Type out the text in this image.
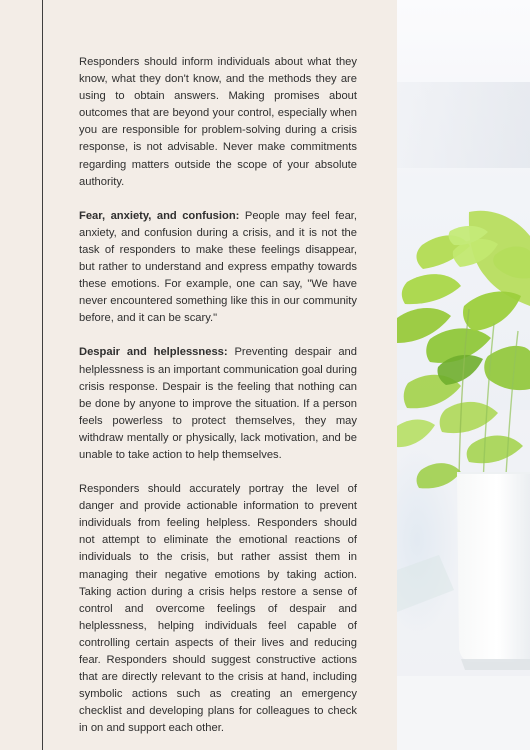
Responders should inform individuals about what they know, what they don't know, and the methods they are using to obtain answers. Making promises about outcomes that are beyond your control, especially when you are responsible for problem-solving during a crisis response, is not advisable. Never make commitments regarding matters outside the scope of your absolute authority.

Fear, anxiety, and confusion: People may feel fear, anxiety, and confusion during a crisis, and it is not the task of responders to make these feelings disappear, but rather to understand and express empathy towards these emotions. For example, one can say, "We have never encountered something like this in our community before, and it can be scary."

Despair and helplessness: Preventing despair and helplessness is an important communication goal during crisis response. Despair is the feeling that nothing can be done by anyone to improve the situation. If a person feels powerless to protect themselves, they may withdraw mentally or physically, lack motivation, and be unable to take action to help themselves.

Responders should accurately portray the level of danger and provide actionable information to prevent individuals from feeling helpless. Responders should not attempt to eliminate the emotional reactions of individuals to the crisis, but rather assist them in managing their negative emotions by taking action. Taking action during a crisis helps restore a sense of control and overcome feelings of despair and helplessness, helping individuals feel capable of controlling certain aspects of their lives and reducing fear. Responders should suggest constructive actions that are directly relevant to the crisis at hand, including symbolic actions such as creating an emergency checklist and developing plans for colleagues to check in on and support each other.
